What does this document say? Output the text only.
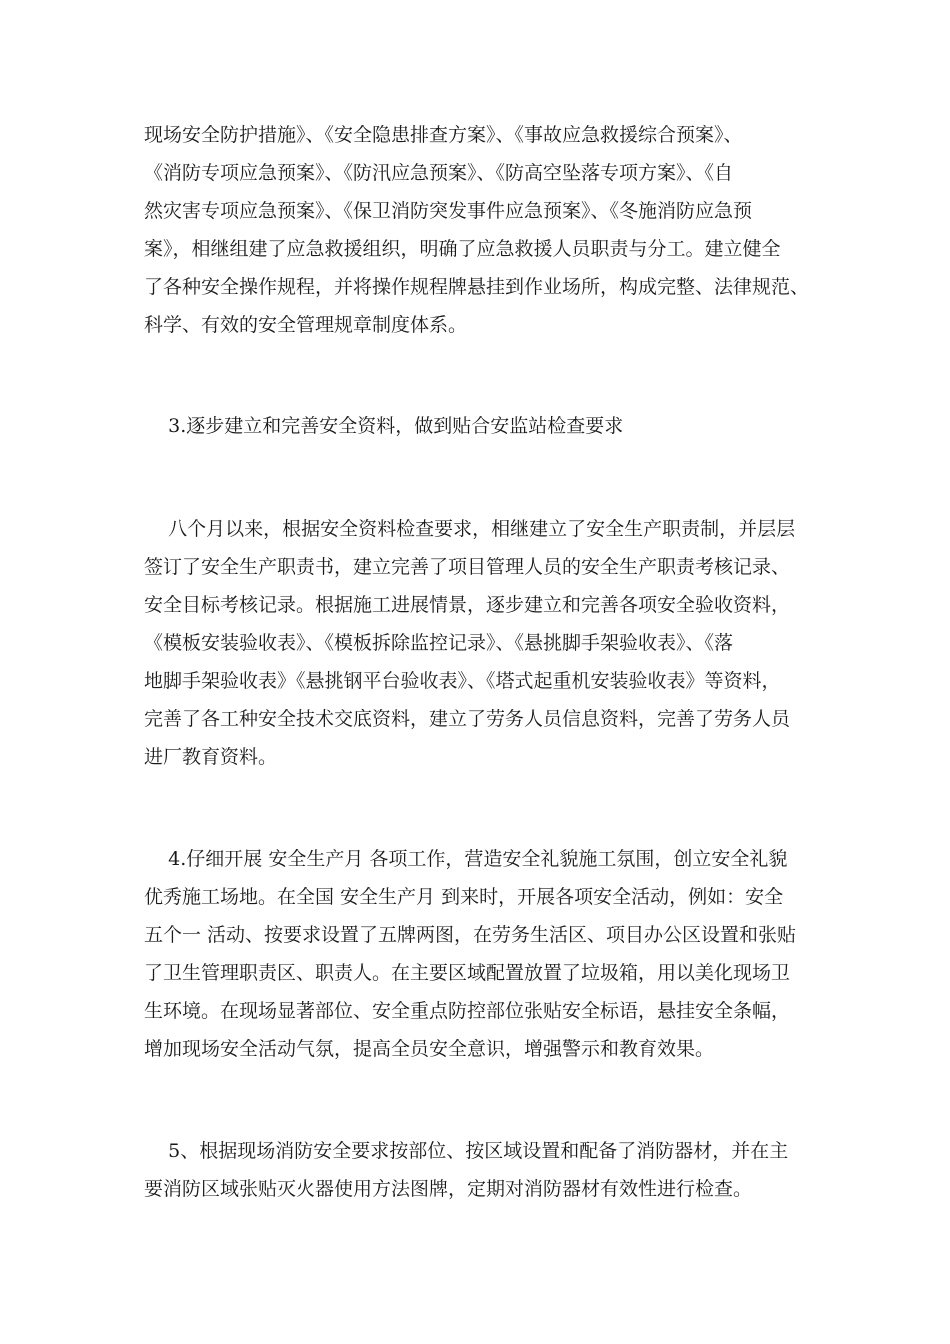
现场安全防护措施》、《安全隐患排查方案》、《事故应急救援综合预案》、

《消防专项应急预案》、《防汛应急预案》、《防高空坠落专项方案》、《自

然灾害专项应急预案》、《保卫消防突发事件应急预案》、《冬施消防应急预

案》，相继组建了应急救援组织，明确了应急救援人员职责与分工。建立健全

了各种安全操作规程，并将操作规程牌悬挂到作业场所，构成完整、法律规范、

科学、有效的安全管理规章制度体系。

3.逐步建立和完善安全资料，做到贴合安监站检查要求

八个月以来，根据安全资料检查要求，相继建立了安全生产职责制，并层层

签订了安全生产职责书，建立完善了项目管理人员的安全生产职责考核记录、

安全目标考核记录。根据施工进展情景，逐步建立和完善各项安全验收资料，

《模板安装验收表》、《模板拆除监控记录》、《悬挑脚手架验收表》、《落

地脚手架验收表》《悬挑钢平台验收表》、《塔式起重机安装验收表》等资料，

完善了各工种安全技术交底资料，建立了劳务人员信息资料，完善了劳务人员

进厂教育资料。

4.仔细开展 安全生产月 各项工作，营造安全礼貌施工氛围，创立安全礼貌

优秀施工场地。在全国 安全生产月 到来时，开展各项安全活动，例如：安全

五个一 活动、按要求设置了五牌两图，在劳务生活区、项目办公区设置和张贴

了卫生管理职责区、职责人。在主要区域配置放置了垃圾箱，用以美化现场卫

生环境。在现场显著部位、安全重点防控部位张贴安全标语，悬挂安全条幅，

增加现场安全活动气氛，提高全员安全意识，增强警示和教育效果。

5、根据现场消防安全要求按部位、按区域设置和配备了消防器材，并在主

要消防区域张贴灭火器使用方法图牌，定期对消防器材有效性进行检查。
